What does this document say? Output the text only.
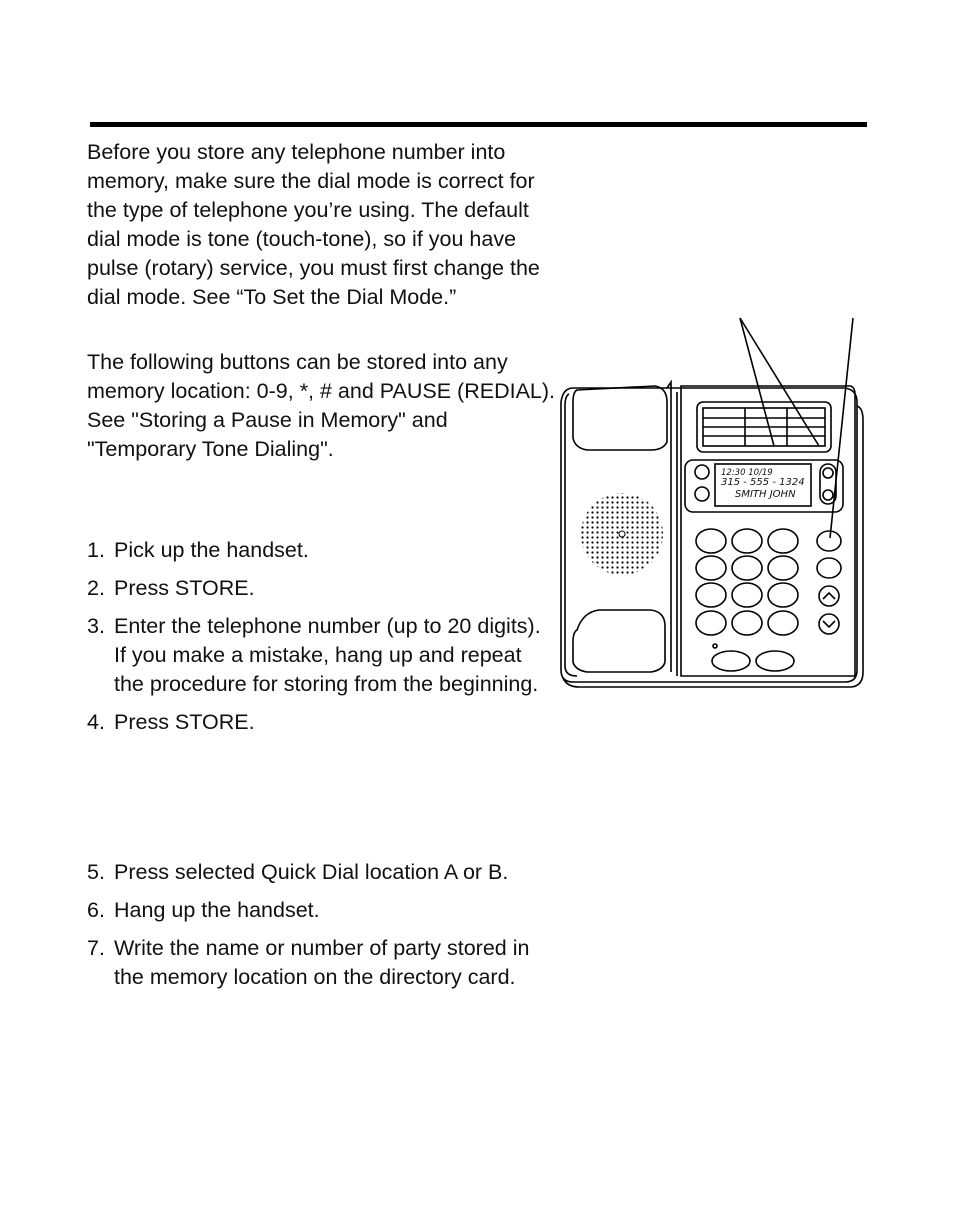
Before you store any telephone number into memory, make sure the dial mode is correct for the type of telephone you’re using. The default dial mode is tone (touch-tone), so if you have pulse (rotary) service, you must first change the dial mode. See “To Set the Dial Mode.”

The following buttons can be stored into any memory location: 0-9, *, # and PAUSE (REDIAL). See "Storing a Pause in Memory" and "Temporary Tone Dialing".

1. Pick up the handset.
2. Press STORE.
3. Enter the telephone number (up to 20 digits). If you make a mistake, hang up and repeat the procedure for storing from the beginning.
4. Press STORE.
5. Press selected Quick Dial location A or B.
6. Hang up the handset.
7. Write the name or number of party stored in the memory location on the directory card.
12:30 10/19
315 - 555 - 1324
SMITH JOHN
